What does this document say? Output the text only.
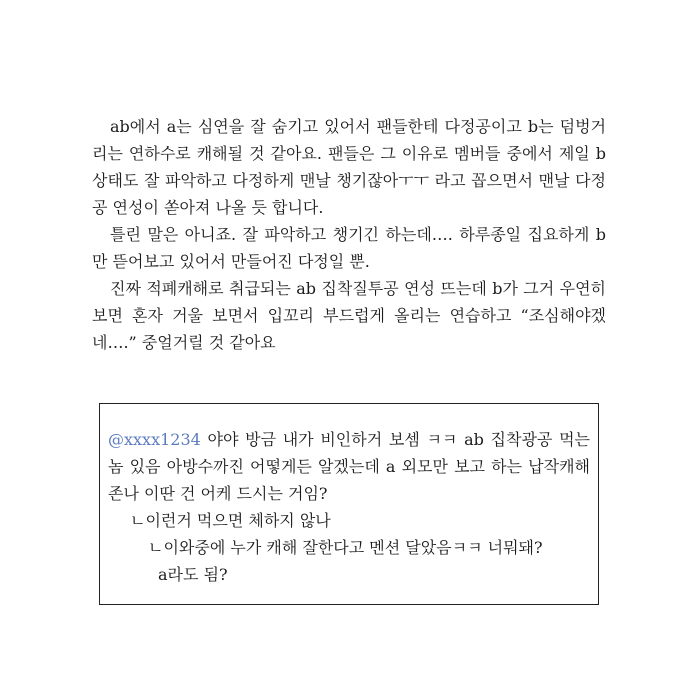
ab에서 a는 심연을 잘 숨기고 있어서 팬들한테 다정공이고 b는 덤벙거리는 연하수로 캐해될 것 같아요. 팬들은 그 이유로 멤버들 중에서 제일 b 상태도 잘 파악하고 다정하게 맨날 챙기잖아ㅜㅜ 라고 꼽으면서 맨날 다정공 연성이 쏟아져 나올 듯 합니다.

틀린 말은 아니죠. 잘 파악하고 챙기긴 하는데…. 하루종일 집요하게 b만 뜯어보고 있어서 만들어진 다정일 뿐.

진짜 적폐캐해로 취급되는 ab 집착질투공 연성 뜨는데 b가 그거 우연히 보면 혼자 거울 보면서 입꼬리 부드럽게 올리는 연습하고 “조심해야겠네….” 중얼거릴 것 같아요

@xxxx1234 야야 방금 내가 비인하거 보셈 ㅋㅋ ab 집착광공 먹는 놈 있음 아방수까진 어떻게든 알겠는데 a 외모만 보고 하는 납작캐해 존나 이딴 건 어케 드시는 거임?

ㄴ이런거 먹으면 체하지 않나

ㄴ이와중에 누가 캐해 잘한다고 멘션 달았음ㅋㅋ 너뭐돼?

a라도 됨?
